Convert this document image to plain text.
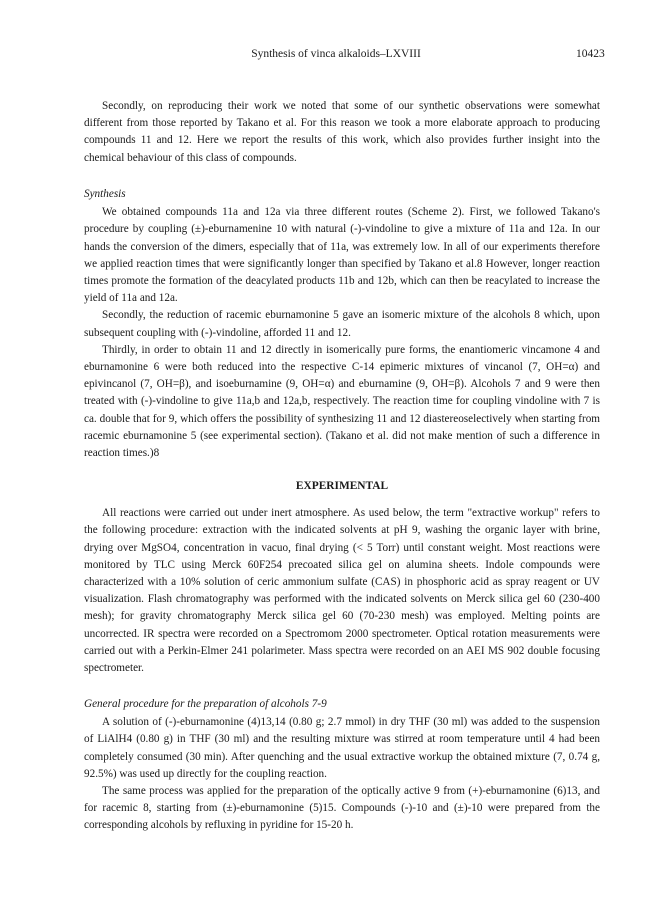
Synthesis of vinca alkaloids–LXVIII	10423

Secondly, on reproducing their work we noted that some of our synthetic observations were somewhat different from those reported by Takano et al. For this reason we took a more elaborate approach to producing compounds 11 and 12. Here we report the results of this work, which also provides further insight into the chemical behaviour of this class of compounds.

Synthesis

We obtained compounds 11a and 12a via three different routes (Scheme 2). First, we followed Takano's procedure by coupling (±)-eburnamenine 10 with natural (-)-vindoline to give a mixture of 11a and 12a. In our hands the conversion of the dimers, especially that of 11a, was extremely low. In all of our experiments therefore we applied reaction times that were significantly longer than specified by Takano et al.8 However, longer reaction times promote the formation of the deacylated products 11b and 12b, which can then be reacylated to increase the yield of 11a and 12a.

Secondly, the reduction of racemic eburnamonine 5 gave an isomeric mixture of the alcohols 8 which, upon subsequent coupling with (-)-vindoline, afforded 11 and 12.

Thirdly, in order to obtain 11 and 12 directly in isomerically pure forms, the enantiomeric vincamone 4 and eburnamonine 6 were both reduced into the respective C-14 epimeric mixtures of vincanol (7, OH=α) and epivincanol (7, OH=β), and isoeburnamine (9, OH=α) and eburnamine (9, OH=β). Alcohols 7 and 9 were then treated with (-)-vindoline to give 11a,b and 12a,b, respectively. The reaction time for coupling vindoline with 7 is ca. double that for 9, which offers the possibility of synthesizing 11 and 12 diastereoselectively when starting from racemic eburnamonine 5 (see experimental section). (Takano et al. did not make mention of such a difference in reaction times.)8

EXPERIMENTAL

All reactions were carried out under inert atmosphere. As used below, the term "extractive workup" refers to the following procedure: extraction with the indicated solvents at pH 9, washing the organic layer with brine, drying over MgSO4, concentration in vacuo, final drying (< 5 Torr) until constant weight. Most reactions were monitored by TLC using Merck 60F254 precoated silica gel on alumina sheets. Indole compounds were characterized with a 10% solution of ceric ammonium sulfate (CAS) in phosphoric acid as spray reagent or UV visualization. Flash chromatography was performed with the indicated solvents on Merck silica gel 60 (230-400 mesh); for gravity chromatography Merck silica gel 60 (70-230 mesh) was employed. Melting points are uncorrected. IR spectra were recorded on a Spectromom 2000 spectrometer. Optical rotation measurements were carried out with a Perkin-Elmer 241 polarimeter. Mass spectra were recorded on an AEI MS 902 double focusing spectrometer.

General procedure for the preparation of alcohols 7-9

A solution of (-)-eburnamonine (4)13,14 (0.80 g; 2.7 mmol) in dry THF (30 ml) was added to the suspension of LiAlH4 (0.80 g) in THF (30 ml) and the resulting mixture was stirred at room temperature until 4 had been completely consumed (30 min). After quenching and the usual extractive workup the obtained mixture (7, 0.74 g, 92.5%) was used up directly for the coupling reaction.

The same process was applied for the preparation of the optically active 9 from (+)-eburnamonine (6)13, and for racemic 8, starting from (±)-eburnamonine (5)15. Compounds (-)-10 and (±)-10 were prepared from the corresponding alcohols by refluxing in pyridine for 15-20 h.
